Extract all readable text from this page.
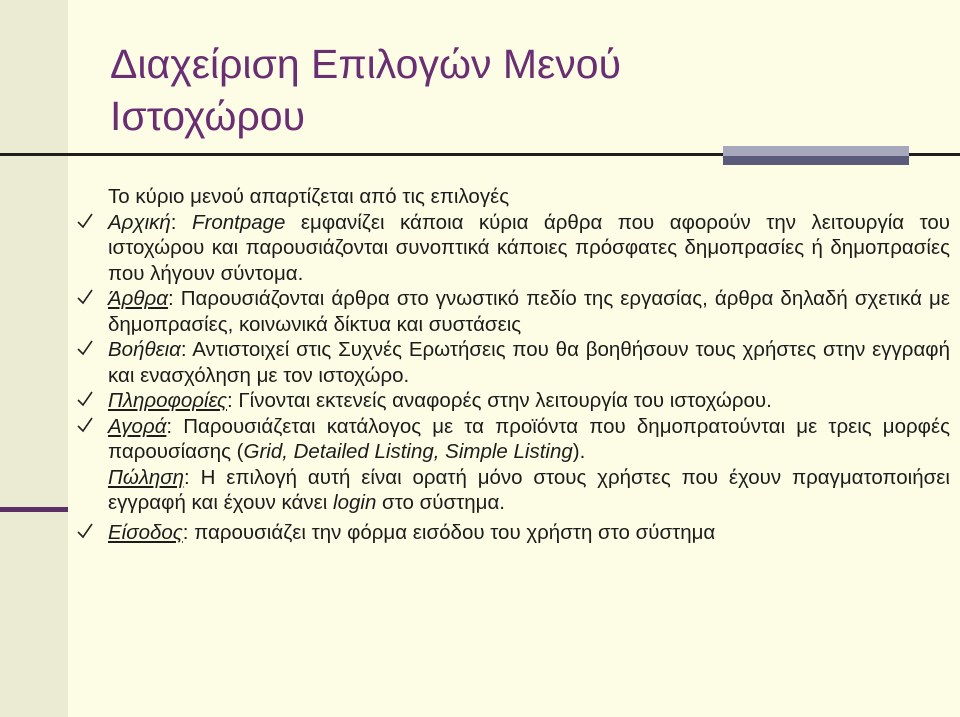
Διαχείριση Επιλογών Μενού
Ιστοχώρου

Το κύριο μενού απαρτίζεται από τις επιλογές

Αρχική: Frontpage εμφανίζει κάποια κύρια άρθρα που αφορούν την λειτουργία του ιστοχώρου και παρουσιάζονται συνοπτικά κάποιες πρόσφατες δημοπρασίες ή δημοπρασίες που λήγουν σύντομα.
Άρθρα: Παρουσιάζονται άρθρα στο γνωστικό πεδίο της εργασίας, άρθρα δηλαδή σχετικά με δημοπρασίες, κοινωνικά δίκτυα και συστάσεις
Βοήθεια: Αντιστοιχεί στις Συχνές Ερωτήσεις που θα βοηθήσουν τους χρήστες στην εγγραφή και ενασχόληση με τον ιστοχώρο.
Πληροφορίες: Γίνονται εκτενείς αναφορές στην λειτουργία του ιστοχώρου.
Αγορά: Παρουσιάζεται κατάλογος με τα προϊόντα που δημοπρατούνται με τρεις μορφές παρουσίασης (Grid, Detailed Listing, Simple Listing).
Πώληση: Η επιλογή αυτή είναι ορατή μόνο στους χρήστες που έχουν πραγματοποιήσει εγγραφή και έχουν κάνει login στο σύστημα.
Είσοδος: παρουσιάζει την φόρμα εισόδου του χρήστη στο σύστημα
